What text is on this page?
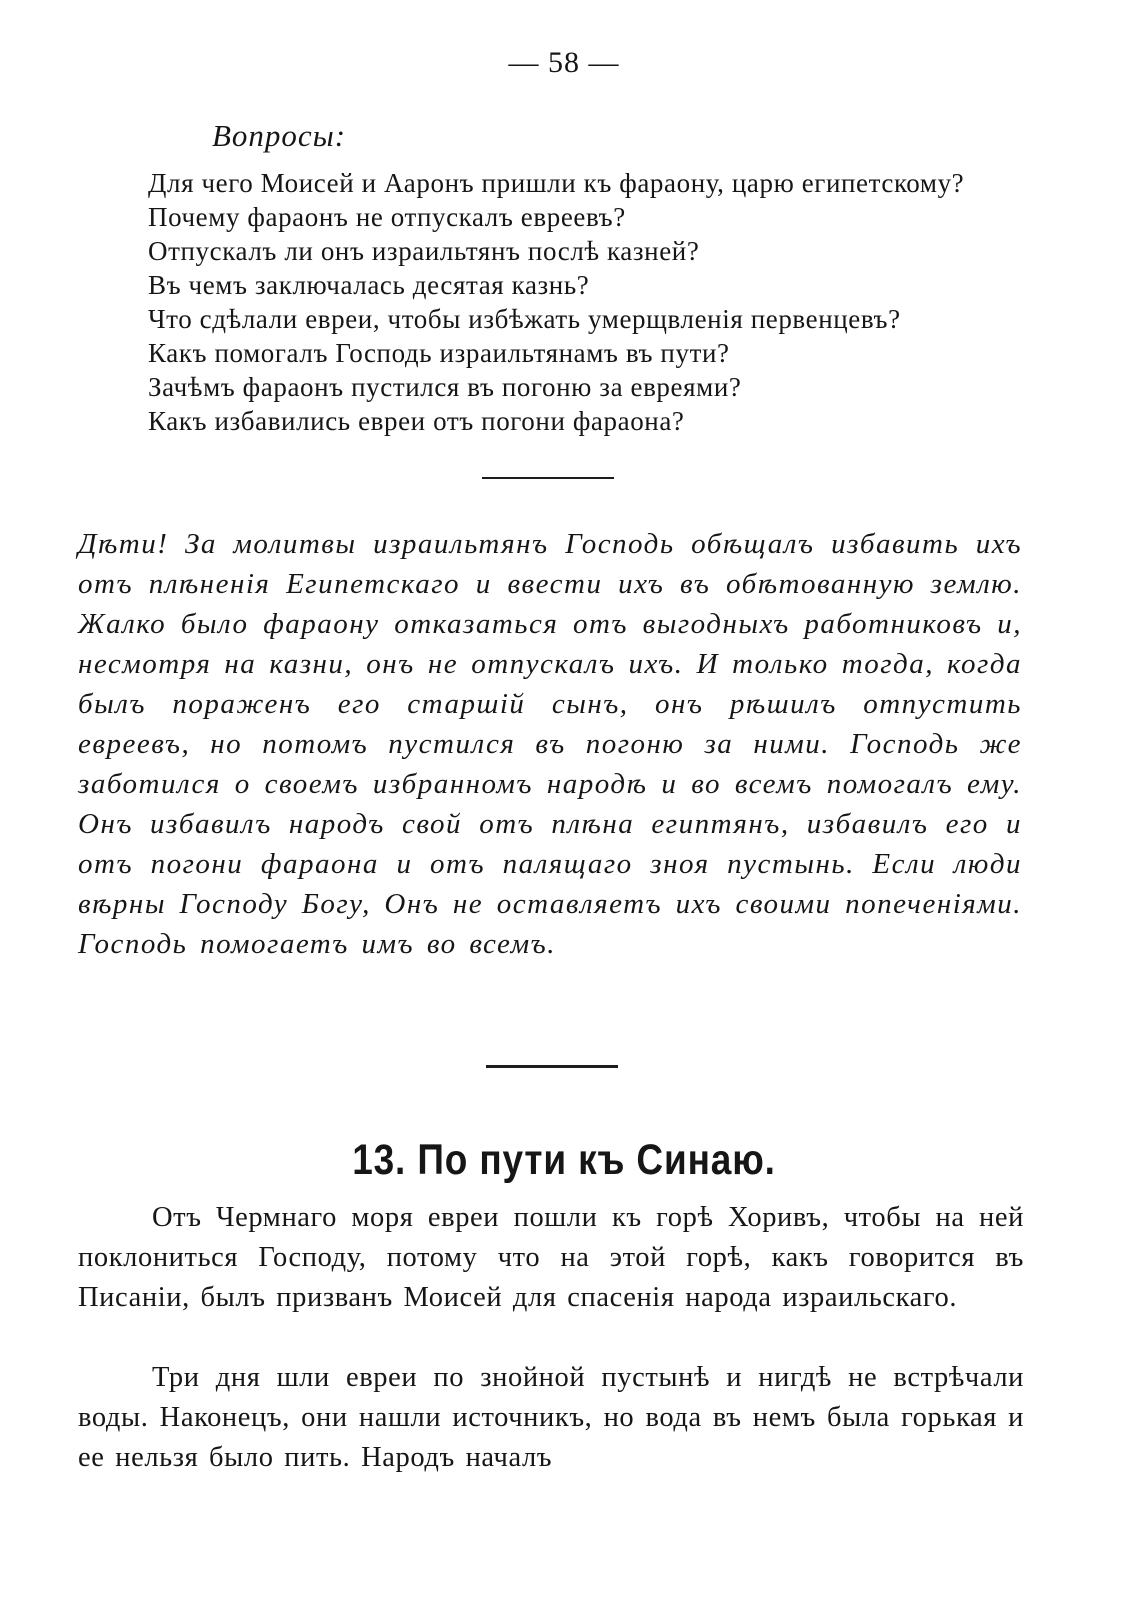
— 58 —
Вопросы:
Для чего Моисей и Ааронъ пришли къ фараону, царю египетскому?
Почему фараонъ не отпускалъ евреевъ?
Отпускалъ ли онъ израильтянъ послѣ казней?
Въ чемъ заключалась десятая казнь?
Что сдѣлали евреи, чтобы избѣжать умерщвленія первенцевъ?
Какъ помогалъ Господь израильтянамъ въ пути?
Зачѣмъ фараонъ пустился въ погоню за евреями?
Какъ избавились евреи отъ погони фараона?

Дѣти! За молитвы израильтянъ Господь обѣщалъ избавить ихъ отъ плѣненія Египетскаго и ввести ихъ въ обѣтованную землю. Жалко было фараону отказаться отъ выгодныхъ работниковъ и, несмотря на казни, онъ не отпускалъ ихъ. И только тогда, когда былъ пораженъ его старшій сынъ, онъ рѣшилъ отпустить евреевъ, но потомъ пустился въ погоню за ними. Господь же заботился о своемъ избранномъ народѣ и во всемъ помогалъ ему. Онъ избавилъ народъ свой отъ плѣна египтянъ, избавилъ его и отъ погони фараона и отъ палящаго зноя пустынь. Если люди вѣрны Господу Богу, Онъ не оставляетъ ихъ своими попеченіями. Господь помогаетъ имъ во всемъ.

13. По пути къ Синаю.

Отъ Чермнаго моря евреи пошли къ горѣ Хоривъ, чтобы на ней поклониться Господу, потому что на этой горѣ, какъ говорится въ Писаніи, былъ призванъ Моисей для спасенія народа израильскаго.

Три дня шли евреи по знойной пустынѣ и нигдѣ не встрѣчали воды. Наконецъ, они нашли источникъ, но вода въ немъ была горькая и ее нельзя было пить. Народъ началъ
